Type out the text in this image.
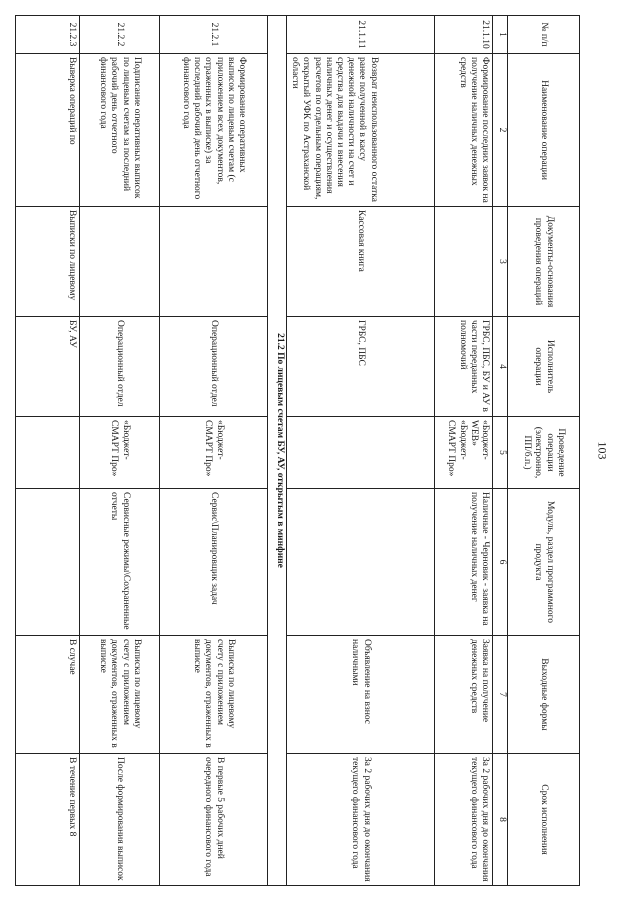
103
№ п/п	Наименование операции	Документы-основания проведения операций	Исполнитель операции	Проведение операции (электронно, ПП/б.п.)	Модуль, раздел программного продукта	Выходные формы	Срок исполнения
1	2	3	4	5	6	7	8
21.1.10	Формирование последних заявок на получение наличных денежных средств		ГРБС, ПБС, БУ и АУ в части переданных полномочий	«Бюджет-WEB» «Бюджет-СМАРТ Про»	Наличные - Черновик - заявка на получение наличных денег	Заявка на получение денежных средств	За 2 рабочих дня до окончания текущего финансового года
21.1.11	Возврат неиспользованного остатка ранее полученной в кассу денежной наличности на счет и средства для выдачи и внесения наличных денег и осуществления расчетов по отдельным операциям, открытый УФК по Астраханской области	Кассовая книга	ГРБС, ПБС			Объявление на взнос наличными	За 2 рабочих дня до окончания текущего финансового года
21.2 По лицевым счетам БУ, АУ, открытым в минфине							
21.2.1	Формирование оперативных выписок по лицевым счетам (с приложением всех документов, отраженных в выписке) за последний рабочий день отчетного финансового года		Операционный отдел	«Бюджет-СМАРТ Про»	Сервис\Планировщик задач	Выписка по лицевому счету с приложением документов, отраженных в выписке	В первые 5 рабочих дней очередного финансового года
21.2.2	Подписание оперативных выписок по лицевым счетам за последний рабочий день отчетного финансового года		Операционный отдел	«Бюджет-СМАРТ Про»	Сервисные режимы\Сохраненные отчеты	Выписка по лицевому счету с приложением документов, отраженных в выписке	После формирования выписок
21.2.3	Выверка операций по	Выписки по лицевому	БУ, АУ			В случае	В течение первых 8
